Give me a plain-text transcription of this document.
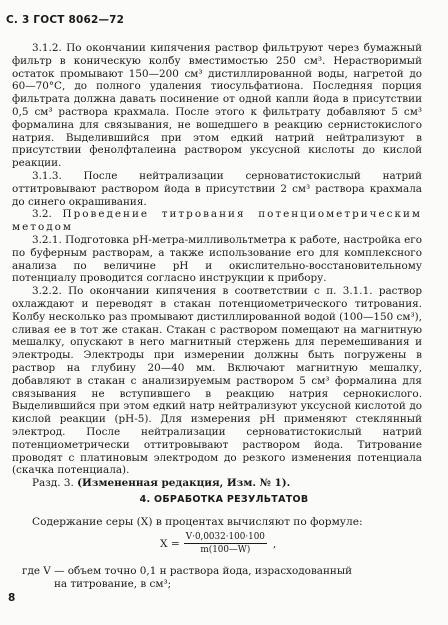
С. 3 ГОСТ 8062—72

3.1.2. По окончании кипячения раствор фильтруют через бумажный фильтр в коническую колбу вместимостью 250 см³. Нерастворимый остаток промывают 150—200 см³ дистиллированной воды, нагретой до 60—70°С, до полного удаления тиосульфатиона. Последняя порция фильтрата должна давать посинение от одной капли йода в присутствии 0,5 см³ раствора крахмала. После этого к фильтрату добавляют 5 см³ формалина для связывания, не вошедшего в реакцию сернистокислого натрия. Выделившийся при этом едкий натрий нейтрализуют в присутствии фенолфталеина раствором уксусной кислоты до кислой реакции.

3.1.3. После нейтрализации серноватистокислый натрий оттитровывают раствором йода в присутствии 2 см³ раствора крахмала до синего окрашивания.

3.2. Проведение титрования потенциометрическим методом

3.2.1. Подготовка рН-метра-милливольтметра к работе, настройка его по буферным растворам, а также использование его для комплексного анализа по величине рН и окислительно-восстановительному потенциалу проводится согласно инструкции к прибору.

3.2.2. По окончании кипячения в соответствии с п. 3.1.1. раствор охлаждают и переводят в стакан потенциометрического титрования. Колбу несколько раз промывают дистиллированной водой (100—150 см³), сливая ее в тот же стакан. Стакан с раствором помещают на магнитную мешалку, опускают в него магнитный стержень для перемешивания и электроды. Электроды при измерении должны быть погружены в раствор на глубину 20—40 мм. Включают магнитную мешалку, добавляют в стакан с анализируемым раствором 5 см³ формалина для связывания не вступившего в реакцию натрия сернокислого. Выделившийся при этом едкий натр нейтрализуют уксусной кислотой до кислой реакции (рН-5). Для измерения рН применяют стеклянный электрод. После нейтрализации серноватистокислый натрий потенциометрически оттитровывают раствором йода. Титрование проводят с платиновым электродом до резкого изменения потенциала (скачка потенциала).

Разд. 3. (Измененная редакция, Изм. № 1).

4. ОБРАБОТКА РЕЗУЛЬТАТОВ
Содержание серы (X) в процентах вычисляют по формуле:
$X = \frac{V\cdot 0,0032\cdot 100\cdot 100}{m(100—W)}$ ,
где V — объем точно 0,1 н раствора йода, израсходованный
на титрование, в см³;
8
